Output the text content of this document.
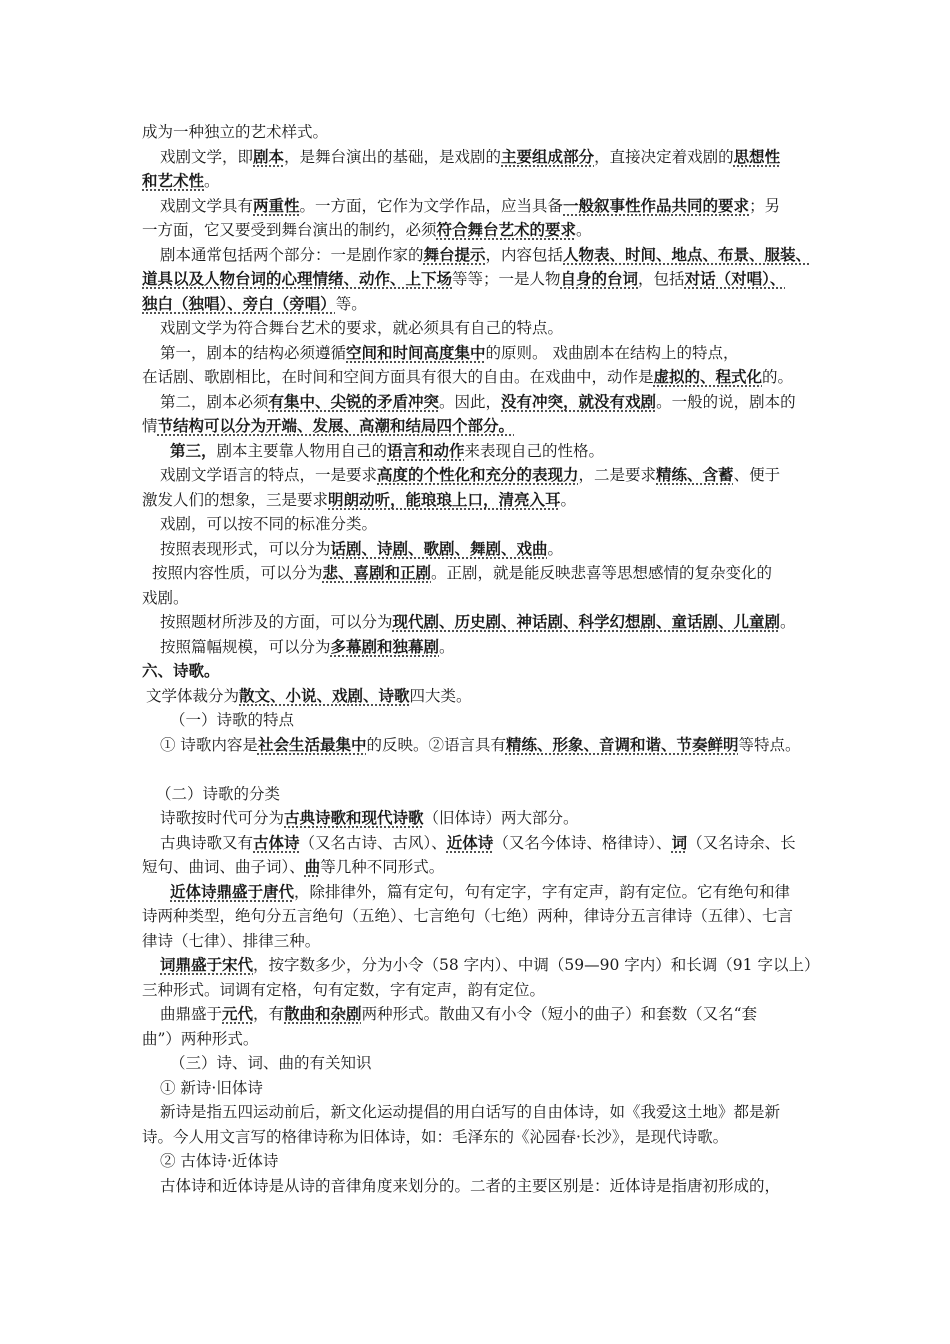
成为一种独立的艺术样式。
戏剧文学，即剧本，是舞台演出的基础，是戏剧的主要组成部分，直接决定着戏剧的思想性
和艺术性。
戏剧文学具有两重性。一方面，它作为文学作品，应当具备一般叙事性作品共同的要求；另
一方面，它又要受到舞台演出的制约，必须符合舞台艺术的要求。
剧本通常包括两个部分：一是剧作家的舞台提示，内容包括人物表、时间、地点、布景、服装、
道具以及人物台词的心理情绪、动作、上下场等等；一是人物自身的台词，包括对话（对唱）、
独白（独唱）、旁白（旁唱）等。
戏剧文学为符合舞台艺术的要求，就必须具有自己的特点。
第一，剧本的结构必须遵循空间和时间高度集中的原则。 戏曲剧本在结构上的特点，
在话剧、歌剧相比，在时间和空间方面具有很大的自由。在戏曲中，动作是虚拟的、程式化的。
第二，剧本必须有集中、尖锐的矛盾冲突。因此，没有冲突，就没有戏剧。一般的说，剧本的
情节结构可以分为开端、发展、高潮和结局四个部分。
第三，剧本主要靠人物用自己的语言和动作来表现自己的性格。
戏剧文学语言的特点，一是要求高度的个性化和充分的表现力，二是要求精练、含蓄、便于
激发人们的想象，三是要求明朗动听，能琅琅上口，清亮入耳。
戏剧，可以按不同的标准分类。
按照表现形式，可以分为话剧、诗剧、歌剧、舞剧、戏曲。
按照内容性质，可以分为悲、喜剧和正剧。正剧，就是能反映悲喜等思想感情的复杂变化的
戏剧。
按照题材所涉及的方面，可以分为现代剧、历史剧、神话剧、科学幻想剧、童话剧、儿童剧。
按照篇幅规模，可以分为多幕剧和独幕剧。
六、诗歌。
文学体裁分为散文、小说、戏剧、诗歌四大类。
（一）诗歌的特点
① 诗歌内容是社会生活最集中的反映。②语言具有精练、形象、音调和谐、节奏鲜明等特点。
（二）诗歌的分类
诗歌按时代可分为古典诗歌和现代诗歌（旧体诗）两大部分。
古典诗歌又有古体诗（又名古诗、古风）、近体诗（又名今体诗、格律诗）、词（又名诗余、长
短句、曲词、曲子词）、曲等几种不同形式。
近体诗鼎盛于唐代，除排律外，篇有定句，句有定字，字有定声，韵有定位。它有绝句和律
诗两种类型，绝句分五言绝句（五绝）、七言绝句（七绝）两种，律诗分五言律诗（五律）、七言
律诗（七律）、排律三种。
词鼎盛于宋代，按字数多少，分为小令（58 字内）、中调（59—90 字内）和长调（91 字以上）
三种形式。词调有定格，句有定数，字有定声，韵有定位。
曲鼎盛于元代，有散曲和杂剧两种形式。散曲又有小令（短小的曲子）和套数（又名“套
曲”）两种形式。
（三）诗、词、曲的有关知识
① 新诗·旧体诗
新诗是指五四运动前后，新文化运动提倡的用白话写的自由体诗，如《我爱这土地》都是新
诗。今人用文言写的格律诗称为旧体诗，如：毛泽东的《沁园春·长沙》，是现代诗歌。
② 古体诗·近体诗
古体诗和近体诗是从诗的音律角度来划分的。二者的主要区别是：近体诗是指唐初形成的，
